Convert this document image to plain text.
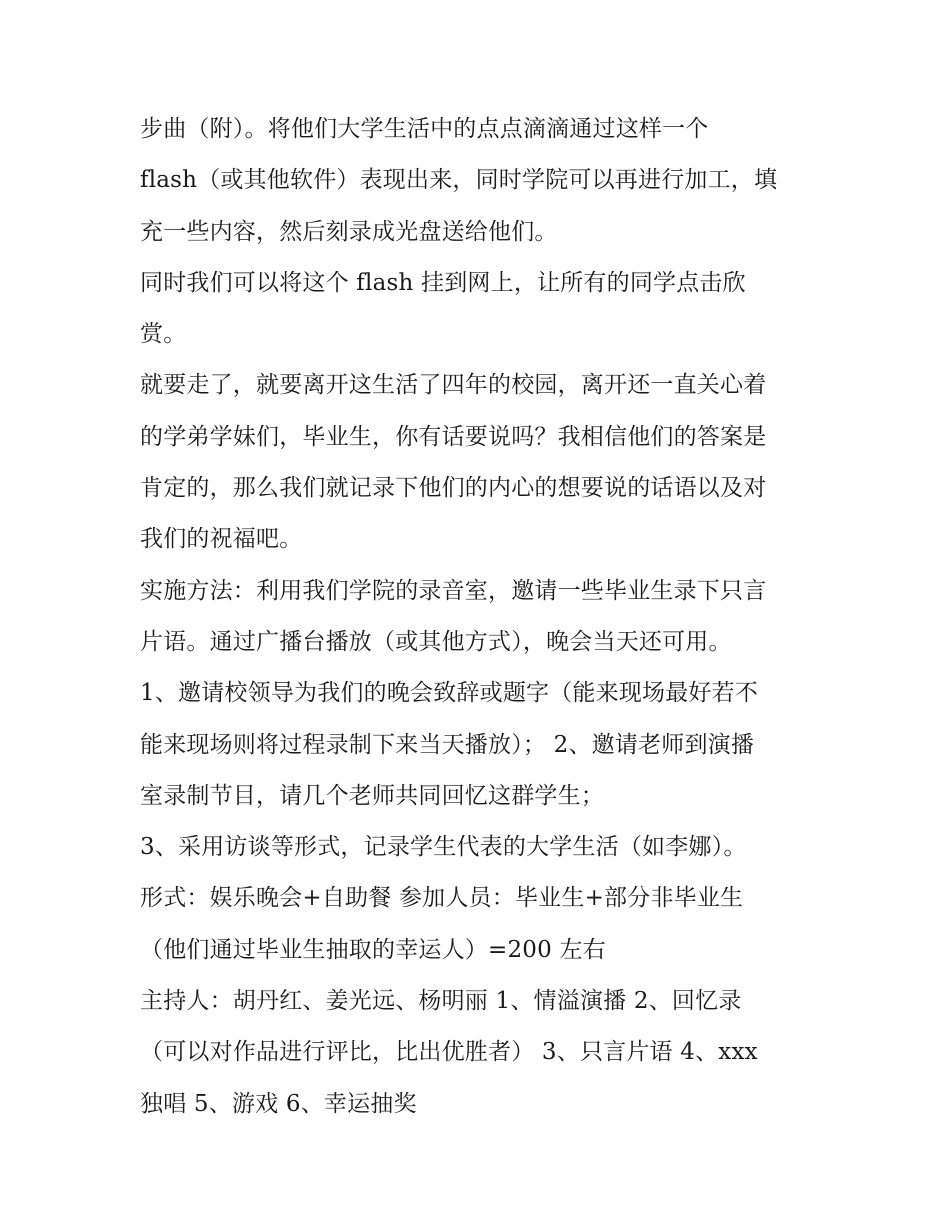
步曲（附）。将他们大学生活中的点点滴滴通过这样一个
flash（或其他软件）表现出来，同时学院可以再进行加工，填
充一些内容，然后刻录成光盘送给他们。
同时我们可以将这个 flash 挂到网上，让所有的同学点击欣
赏。
就要走了，就要离开这生活了四年的校园，离开还一直关心着
的学弟学妹们，毕业生，你有话要说吗？我相信他们的答案是
肯定的，那么我们就记录下他们的内心的想要说的话语以及对
我们的祝福吧。
实施方法：利用我们学院的录音室，邀请一些毕业生录下只言
片语。通过广播台播放（或其他方式），晚会当天还可用。
1、邀请校领导为我们的晚会致辞或题字（能来现场最好若不
能来现场则将过程录制下来当天播放）； 2、邀请老师到演播
室录制节目，请几个老师共同回忆这群学生；
3、采用访谈等形式，记录学生代表的大学生活（如李娜）。
形式：娱乐晚会+自助餐 参加人员：毕业生+部分非毕业生
（他们通过毕业生抽取的幸运人）=200 左右
主持人：胡丹红、姜光远、杨明丽 1、情溢演播 2、回忆录
（可以对作品进行评比，比出优胜者） 3、只言片语 4、xxx
独唱 5、游戏 6、幸运抽奖
